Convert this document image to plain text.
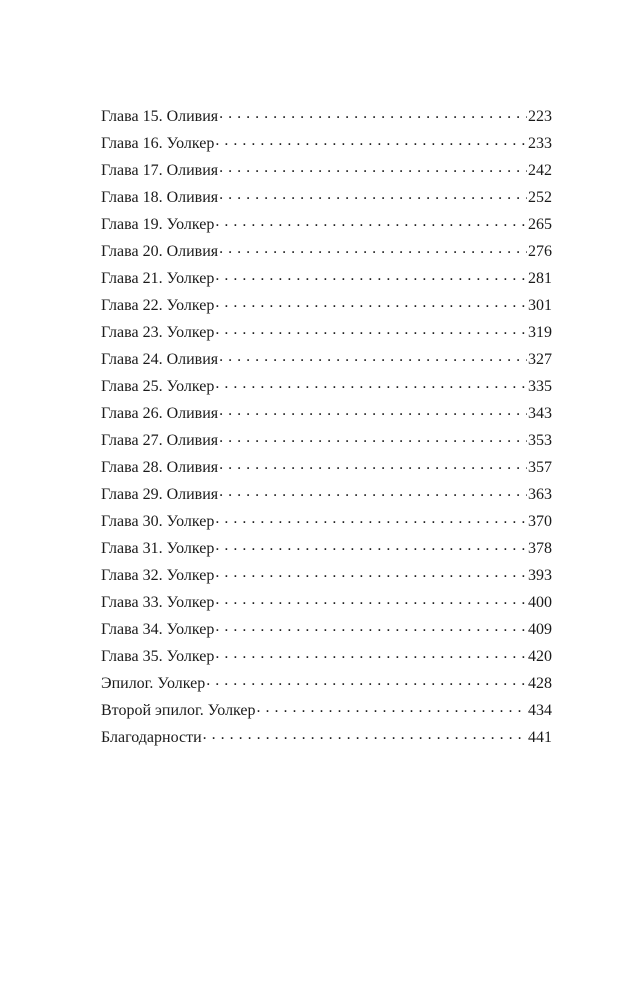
Глава 15. Оливия . . .	223
Глава 16. Уолкер . . .	233
Глава 17. Оливия . . .	242
Глава 18. Оливия . . .	252
Глава 19. Уолкер . . .	265
Глава 20. Оливия . . .	276
Глава 21. Уолкер . . .	281
Глава 22. Уолкер . . .	301
Глава 23. Уолкер . . .	319
Глава 24. Оливия . . .	327
Глава 25. Уолкер . . .	335
Глава 26. Оливия . . .	343
Глава 27. Оливия . . .	353
Глава 28. Оливия . . .	357
Глава 29. Оливия . . .	363
Глава 30. Уолкер . . .	370
Глава 31. Уолкер . . .	378
Глава 32. Уолкер . . .	393
Глава 33. Уолкер . . .	400
Глава 34. Уолкер . . .	409
Глава 35. Уолкер . . .	420
Эпилог. Уолкер . . .	428
Второй эпилог. Уолкер . . .	434
Благодарности . . .	441
